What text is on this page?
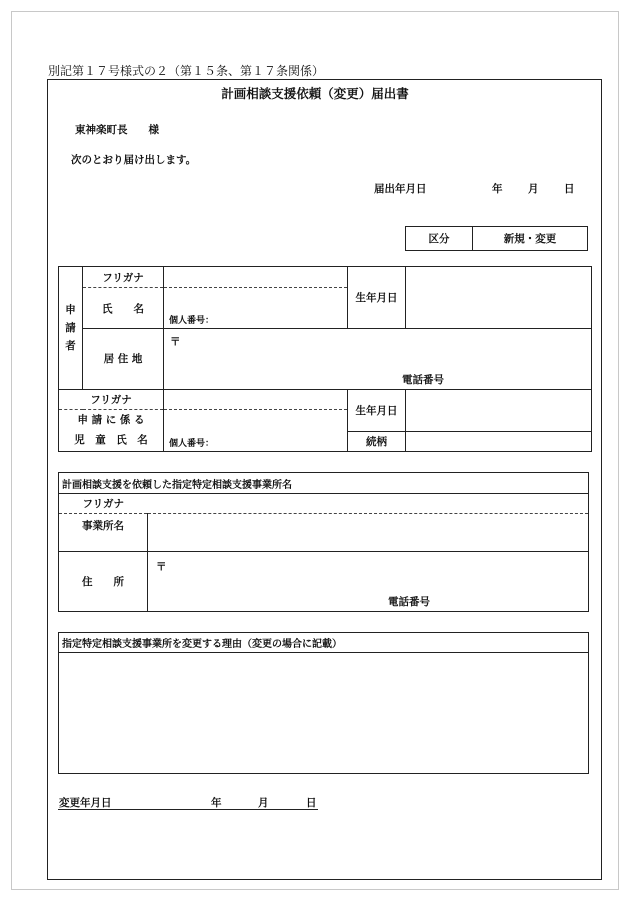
別記第１７号様式の２（第１５条、第１７条関係）
計画相談支援依頼（変更）届出書
東神楽町長　　様
次のとおり届け出します。
届出年月日	年 月 日
区分	新規・変更
申請者	フリガナ		生年月日	
	氏　　名	個人番号：		

	居 住 地	〒
電話番号		

フリガナ			生年月日	

申 請 に 係 る
児　童　氏　名		個人番号：		

			続柄	
計画相談支援を依頼した指定特定相談支援事業所名	
フリガナ	
事業所名	
住　　所	〒
電話番号
指定特定相談支援事業所を変更する理由（変更の場合に記載）

変更年月日	年	月	日
